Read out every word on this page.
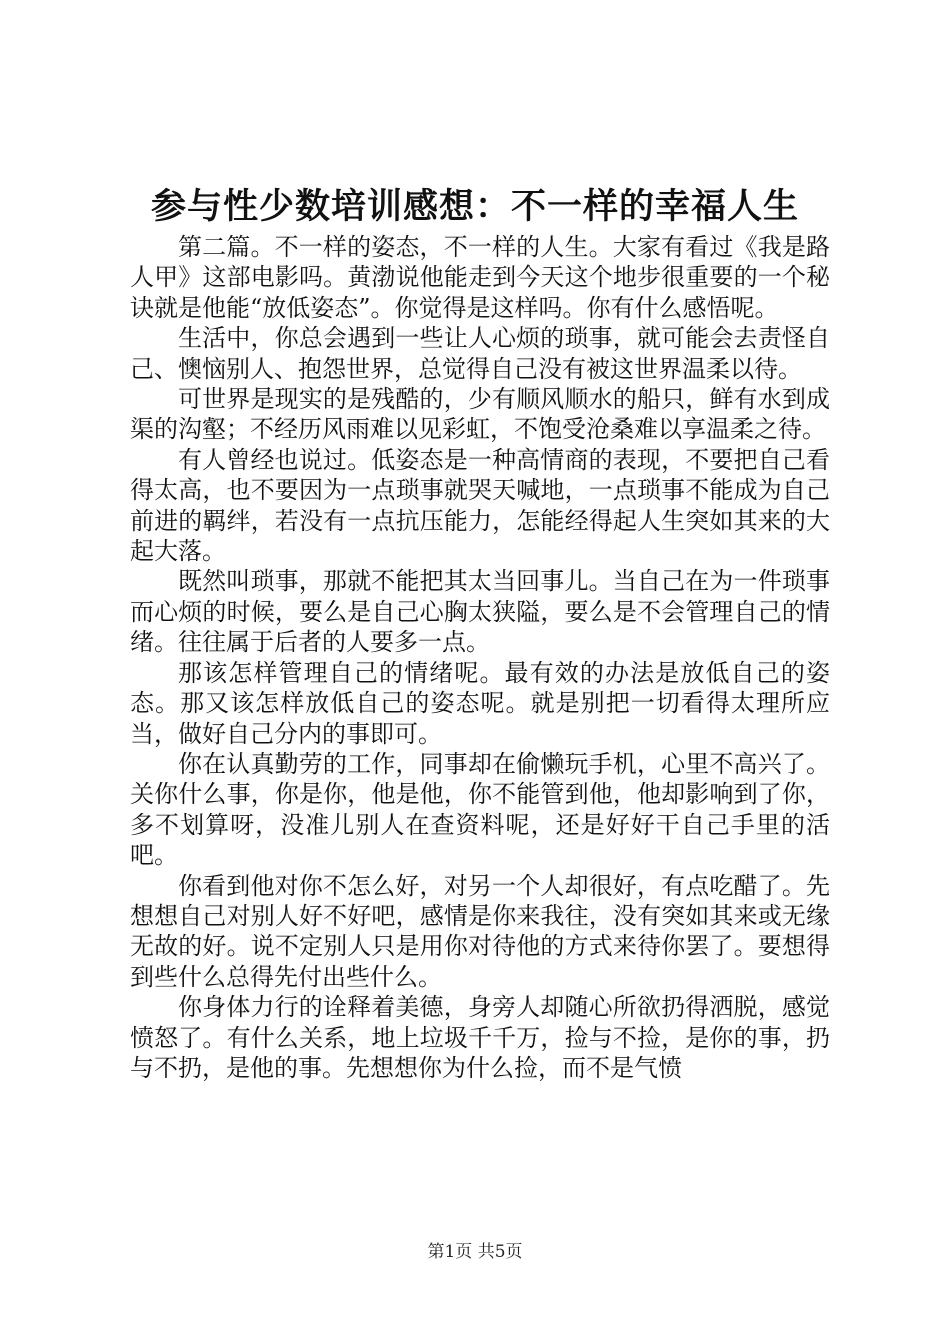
参与性少数培训感想：不一样的幸福人生

第二篇。不一样的姿态，不一样的人生。大家有看过《我是路人甲》这部电影吗。黄渤说他能走到今天这个地步很重要的一个秘诀就是他能“放低姿态”。你觉得是这样吗。你有什么感悟呢。

生活中，你总会遇到一些让人心烦的琐事，就可能会去责怪自己、懊恼别人、抱怨世界，总觉得自己没有被这世界温柔以待。

可世界是现实的是残酷的，少有顺风顺水的船只，鲜有水到成渠的沟壑；不经历风雨难以见彩虹，不饱受沧桑难以享温柔之待。

有人曾经也说过。低姿态是一种高情商的表现，不要把自己看得太高，也不要因为一点琐事就哭天喊地，一点琐事不能成为自己前进的羁绊，若没有一点抗压能力，怎能经得起人生突如其来的大起大落。

既然叫琐事，那就不能把其太当回事儿。当自己在为一件琐事而心烦的时候，要么是自己心胸太狭隘，要么是不会管理自己的情绪。往往属于后者的人要多一点。

那该怎样管理自己的情绪呢。最有效的办法是放低自己的姿态。那又该怎样放低自己的姿态呢。就是别把一切看得太理所应当，做好自己分内的事即可。

你在认真勤劳的工作，同事却在偷懒玩手机，心里不高兴了。关你什么事，你是你，他是他，你不能管到他，他却影响到了你，多不划算呀，没准儿别人在查资料呢，还是好好干自己手里的活吧。

你看到他对你不怎么好，对另一个人却很好，有点吃醋了。先想想自己对别人好不好吧，感情是你来我往，没有突如其来或无缘无故的好。说不定别人只是用你对待他的方式来待你罢了。要想得到些什么总得先付出些什么。

你身体力行的诠释着美德，身旁人却随心所欲扔得洒脱，感觉愤怒了。有什么关系，地上垃圾千千万，捡与不捡，是你的事，扔与不扔，是他的事。先想想你为什么捡，而不是气愤

第1页 共5页
